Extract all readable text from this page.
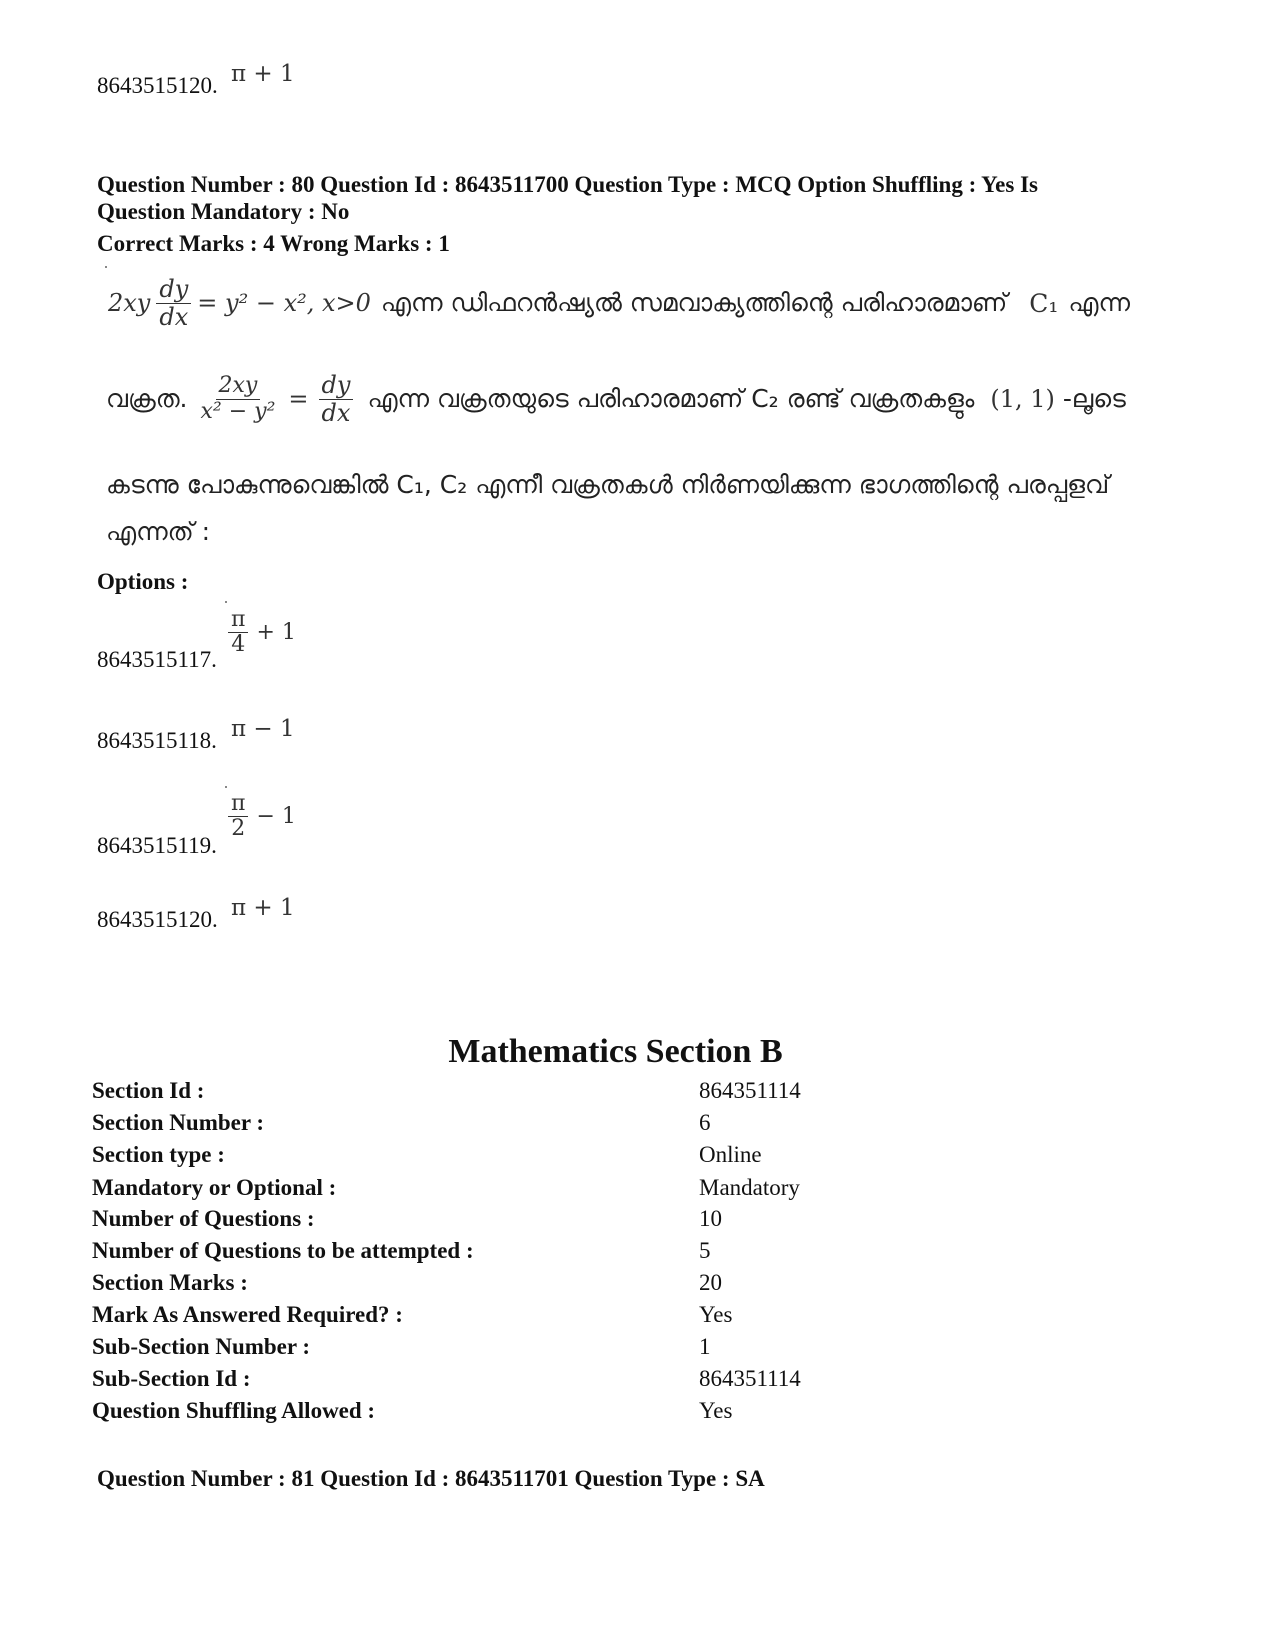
8643515120. π + 1
Question Number : 80 Question Id : 8643511700 Question Type : MCQ Option Shuffling : Yes Is
Question Mandatory : No
Correct Marks : 4 Wrong Marks : 1
$2xy \frac{dy}{dx} = y^2 - x^2$, x>0 എന്ന ഡിഫറൻഷ്യൽ സമവാക്യത്തിന്റെ പരിഹാരമാണ് C₁ എന്ന
വക്രത. $\frac{2xy}{\text{x² − y²}} = \frac{dy}{dx}$ എന്ന വക്രതയുടെ പരിഹാരമാണ് C₂ രണ്ട് വക്രതകളും (1, 1) -ലൂടെ
കടന്നു പോകുന്നുവെങ്കിൽ C₁, C₂ എന്നീ വക്രതകൾ നിർണയിക്കുന്ന ഭാഗത്തിന്റെ പരപ്പളവ്
എന്നത് :
Options :
8643515117.
$\frac{\pi}{4} + 1$
8643515118. π − 1
8643515119.
$\frac{\pi}{2} - 1$
8643515120. π + 1
Mathematics Section B
Section Id :	864351114
Section Number :	6
Section type :	Online
Mandatory or Optional :	Mandatory
Number of Questions :	10
Number of Questions to be attempted :	5
Section Marks :	20
Mark As Answered Required? :	Yes
Sub-Section Number :	1
Sub-Section Id :	864351114
Question Shuffling Allowed :	Yes
Question Number : 81 Question Id : 8643511701 Question Type : SA
